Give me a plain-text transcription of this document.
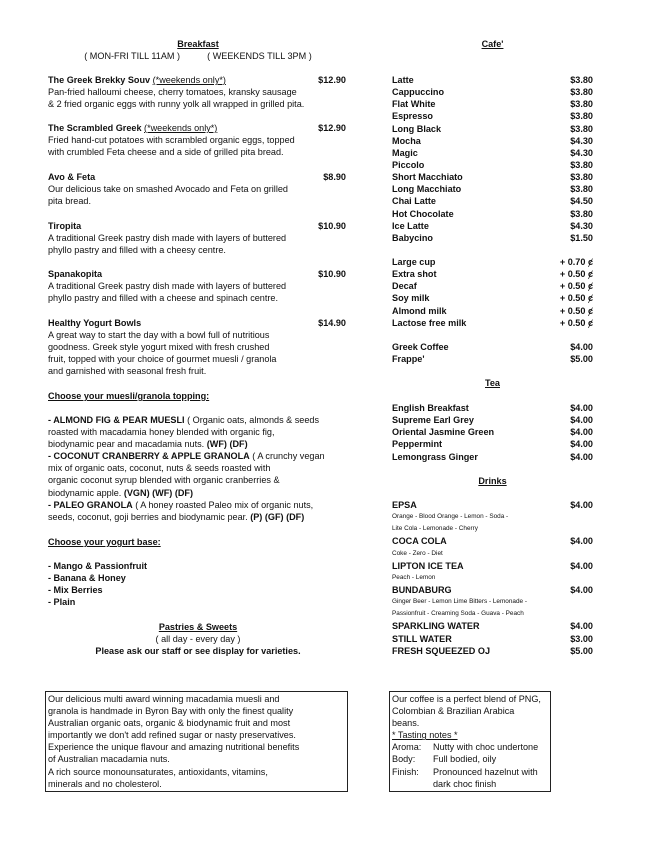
Breakfast
( MON-FRI TILL 11AM )	( WEEKENDS TILL 3PM )
The Greek Brekky Souv (*weekends only*)	$12.90
Pan-fried halloumi cheese, cherry tomatoes, kransky sausage
& 2 fried organic eggs with runny yolk all wrapped in grilled pita.
The Scrambled Greek (*weekends only*)	$12.90
Fried hand-cut potatoes with scrambled organic eggs, topped
with crumbled Feta cheese and a side of grilled pita bread.
Avo & Feta	$8.90
Our delicious take on smashed Avocado and Feta on grilled
pita bread.
Tiropita	$10.90
A traditional Greek pastry dish made with layers of buttered
phyllo pastry and filled with a cheesy centre.
Spanakopita	$10.90
A traditional Greek pastry dish made with layers of buttered
phyllo pastry and filled with a cheese and spinach centre.
Healthy Yogurt Bowls	$14.90
A great way to start the day with a bowl full of nutritious
goodness. Greek style yogurt mixed with fresh crushed
fruit, topped with your choice of gourmet muesli / granola
and garnished with seasonal fresh fruit.
Choose your muesli/granola topping:
- ALMOND FIG & PEAR MUESLI ( Organic oats, almonds & seeds
roasted with macadamia honey blended with organic fig,
biodynamic pear and macadamia nuts. (WF) (DF)
- COCONUT CRANBERRY & APPLE GRANOLA ( A crunchy vegan
mix of organic oats, coconut, nuts & seeds roasted with
organic coconut syrup blended with organic cranberries &
biodynamic apple. (VGN) (WF) (DF)
- PALEO GRANOLA ( A honey roasted Paleo mix of organic nuts,
seeds, coconut, goji berries and biodynamic pear. (P) (GF) (DF)
Choose your yogurt base:
- Mango & Passionfruit
- Banana & Honey
- Mix Berries
- Plain
Pastries & Sweets
( all day - every day )
Please ask our staff or see display for varieties.
Cafe'
Latte	$3.80
Cappuccino	$3.80
Flat White	$3.80
Espresso	$3.80
Long Black	$3.80
Mocha	$4.30
Magic	$4.30
Piccolo	$3.80
Short Macchiato	$3.80
Long Macchiato	$3.80
Chai Latte	$4.50
Hot Chocolate	$3.80
Ice Latte	$4.30
Babycino	$1.50
Large cup	+ 0.70 ȼ
Extra shot	+ 0.50 ȼ
Decaf	+ 0.50 ȼ
Soy milk	+ 0.50 ȼ
Almond milk	+ 0.50 ȼ
Lactose free milk	+ 0.50 ȼ
Greek Coffee	$4.00
Frappe'	$5.00
Tea
English Breakfast	$4.00
Supreme Earl Grey	$4.00
Oriental Jasmine Green	$4.00
Peppermint	$4.00
Lemongrass Ginger	$4.00
Drinks
EPSA	$4.00
Orange - Blood Orange - Lemon - Soda -
Lite Cola - Lemonade - Cherry
COCA COLA	$4.00
Coke - Zero - Diet
LIPTON ICE TEA	$4.00
Peach - Lemon
BUNDABURG	$4.00
Ginger Beer - Lemon Lime Bitters - Lemonade -
Passionfruit - Creaming Soda - Guava - Peach
SPARKLING WATER	$4.00
STILL WATER	$3.00
FRESH SQUEEZED OJ	$5.00
Our delicious multi award winning macadamia muesli and
granola is handmade in Byron Bay with only the finest quality
Australian organic oats, organic & biodynamic fruit and most
importantly we don't add refined sugar or nasty preservatives.
Experience the unique flavour and amazing nutritional benefits
of Australian macadamia nuts.
A rich source monounsaturates, antioxidants, vitamins,
minerals and no cholesterol.
Our coffee is a perfect blend of PNG,
Colombian & Brazilian Arabica
beans.
* Tasting notes *
Aroma:	Nutty with choc undertone
Body:	Full bodied, oily
Finish:	Pronounced hazelnut with
dark choc finish
